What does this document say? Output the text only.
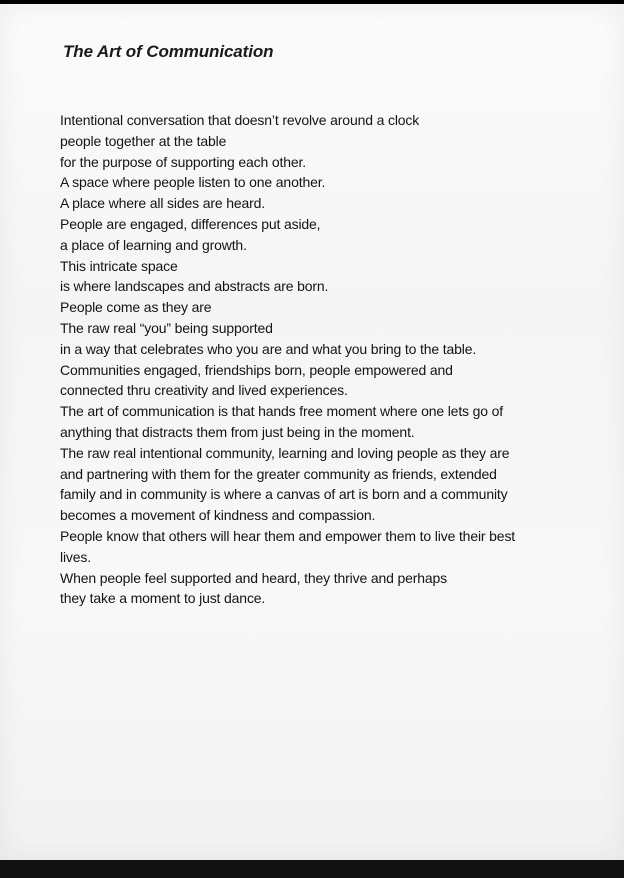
The Art of Communication
Intentional conversation that doesn’t revolve around a clock
people together at the table
for the purpose of supporting each other.
A space where people listen to one another.
A place where all sides are heard.
People are engaged, differences put aside,
a place of learning and growth.
This intricate space
is where landscapes and abstracts are born.
People come as they are
The raw real “you” being supported
in a way that celebrates who you are and what you bring to the table.
Communities engaged, friendships born, people empowered and
connected thru creativity and lived experiences.
The art of communication is that hands free moment where one lets go of
anything that distracts them from just being in the moment.
The raw real intentional community, learning and loving people as they are
and partnering with them for the greater community as friends, extended
family and in community is where a canvas of art is born and a community
becomes a movement of kindness and compassion.
People know that others will hear them and empower them to live their best
lives.
When people feel supported and heard, they thrive and perhaps
they take a moment to just dance.
